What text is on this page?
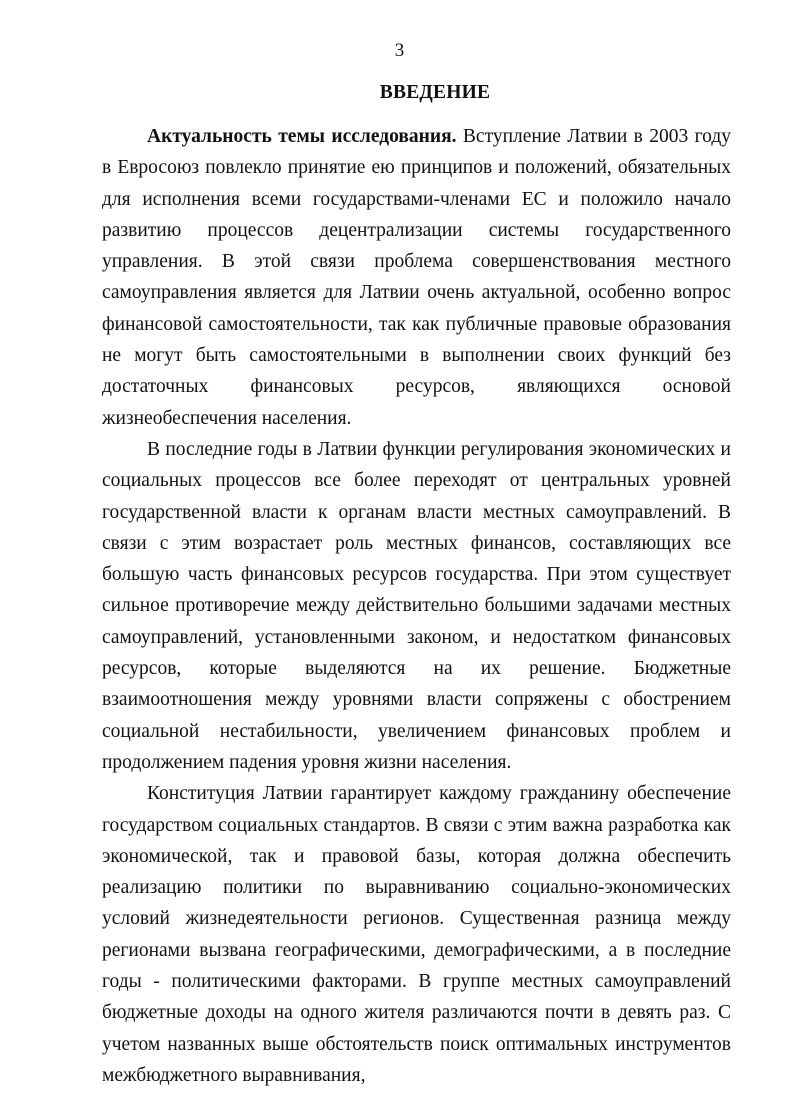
3
ВВЕДЕНИЕ

Актуальность темы исследования. Вступление Латвии в 2003 году в Евросоюз повлекло принятие ею принципов и положений, обязательных для исполнения всеми государствами-членами ЕС и положило начало развитию процессов децентрализации системы государственного управления. В этой связи проблема совершенствования местного самоуправления является для Латвии очень актуальной, особенно вопрос финансовой самостоятельности, так как публичные правовые образования не могут быть самостоятельными в выполнении своих функций без достаточных финансовых ресурсов, являющихся основой жизнеобеспечения населения.

В последние годы в Латвии функции регулирования экономических и социальных процессов все более переходят от центральных уровней государственной власти к органам власти местных самоуправлений. В связи с этим возрастает роль местных финансов, составляющих все большую часть финансовых ресурсов государства. При этом существует сильное противоречие между действительно большими задачами местных самоуправлений, установленными законом, и недостатком финансовых ресурсов, которые выделяются на их решение. Бюджетные взаимоотношения между уровнями власти сопряжены с обострением социальной нестабильности, увеличением финансовых проблем и продолжением падения уровня жизни населения.

Конституция Латвии гарантирует каждому гражданину обеспечение государством социальных стандартов. В связи с этим важна разработка как экономической, так и правовой базы, которая должна обеспечить реализацию политики по выравниванию социально-экономических условий жизнедеятельности регионов. Существенная разница между регионами вызвана географическими, демографическими, а в последние годы - политическими факторами. В группе местных самоуправлений бюджетные доходы на одного жителя различаются почти в девять раз. С учетом названных выше обстоятельств поиск оптимальных инструментов межбюджетного выравнивания,
